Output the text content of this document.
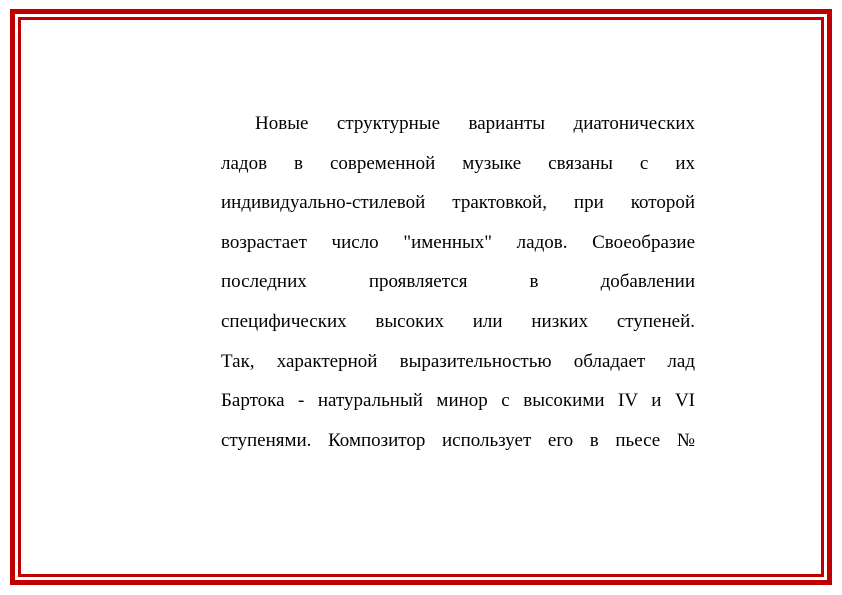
Новые структурные варианты диатонических
ладов в современной музыке связаны с их
индивидуально-стилевой трактовкой, при которой
возрастает число "именных" ладов. Своеобразие
последних проявляется в добавлении
специфических высоких или низких ступеней.
Так, характерной выразительностью обладает лад
Бартока - натуральный минор с высокими IV и VI
ступенями. Композитор использует его в пьесе №
